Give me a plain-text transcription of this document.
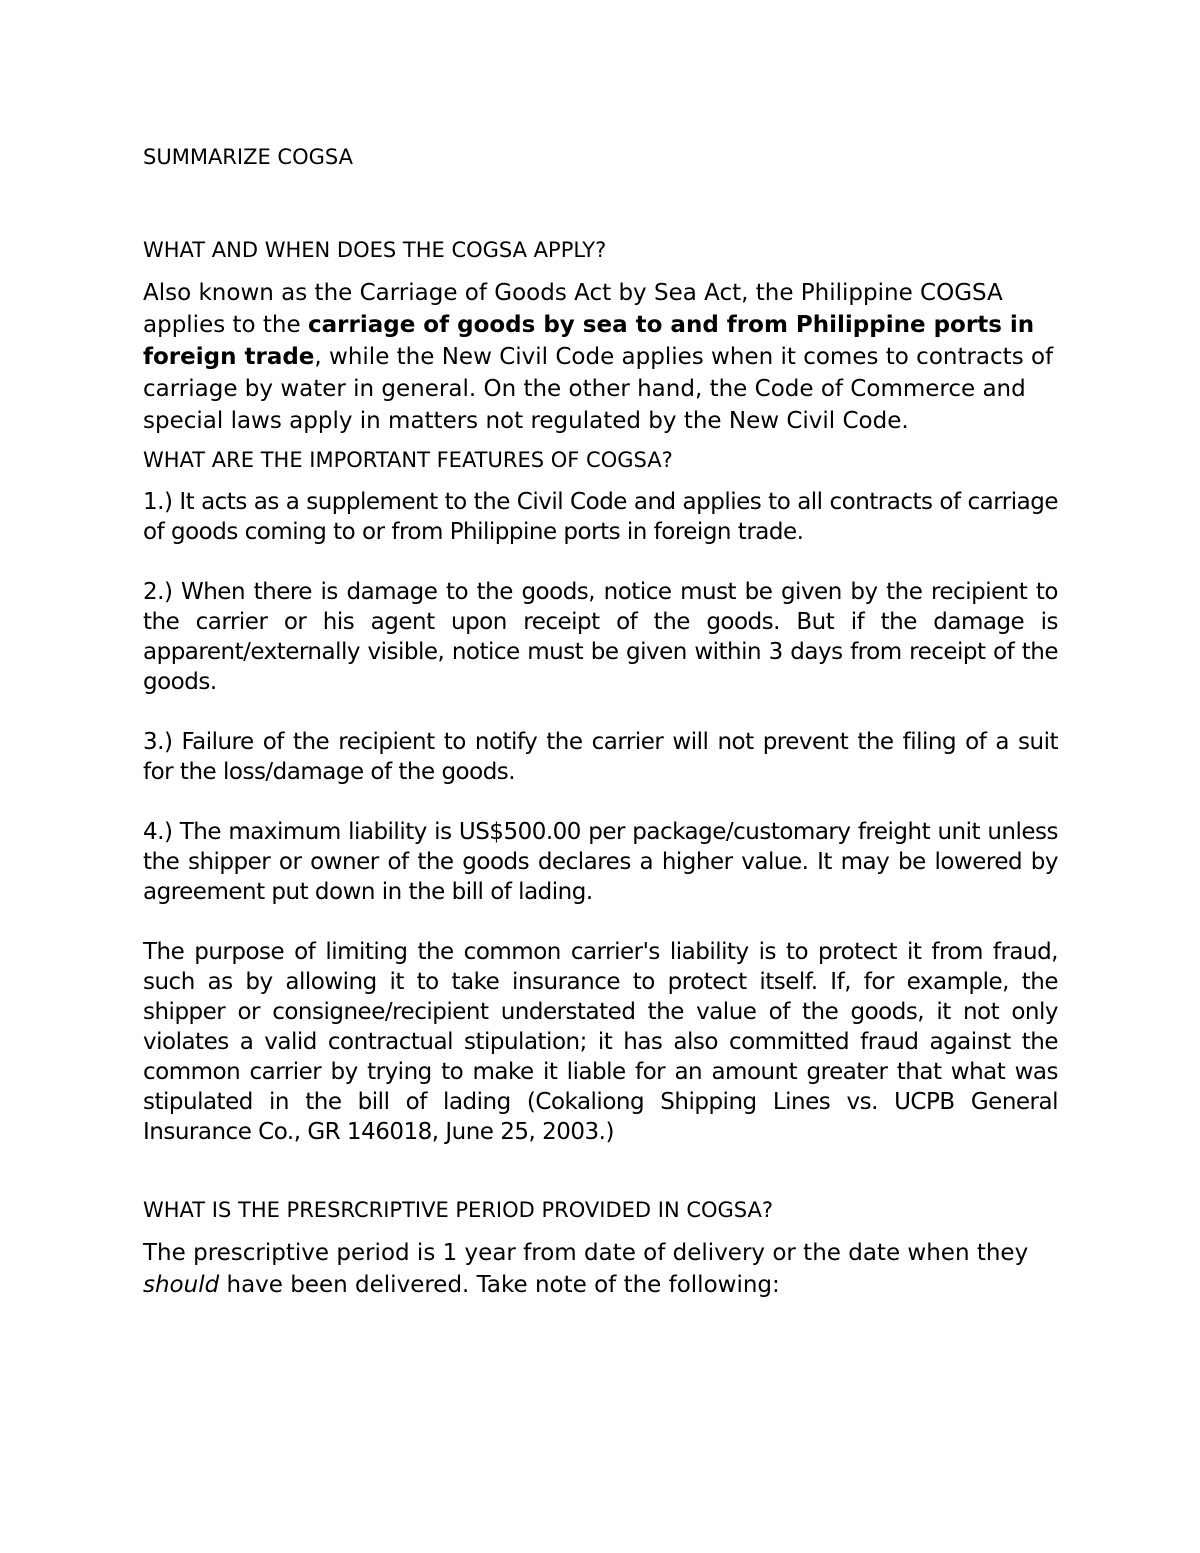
SUMMARIZE COGSA
WHAT AND WHEN DOES THE COGSA APPLY?

Also known as the Carriage of Goods Act by Sea Act, the Philippine COGSA applies to the carriage of goods by sea to and from Philippine ports in foreign trade, while the New Civil Code applies when it comes to contracts of carriage by water in general. On the other hand, the Code of Commerce and special laws apply in matters not regulated by the New Civil Code.

WHAT ARE THE IMPORTANT FEATURES OF COGSA?

1.) It acts as a supplement to the Civil Code and applies to all contracts of carriage of goods coming to or from Philippine ports in foreign trade.

2.) When there is damage to the goods, notice must be given by the recipient to the carrier or his agent upon receipt of the goods. But if the damage is apparent/externally visible, notice must be given within 3 days from receipt of the goods.

3.) Failure of the recipient to notify the carrier will not prevent the filing of a suit for the loss/damage of the goods.

4.) The maximum liability is US$500.00 per package/customary freight unit unless the shipper or owner of the goods declares a higher value. It may be lowered by agreement put down in the bill of lading.

The purpose of limiting the common carrier's liability is to protect it from fraud, such as by allowing it to take insurance to protect itself. If, for example, the shipper or consignee/recipient understated the value of the goods, it not only violates a valid contractual stipulation; it has also committed fraud against the common carrier by trying to make it liable for an amount greater that what was stipulated in the bill of lading (Cokaliong Shipping Lines vs. UCPB General Insurance Co., GR 146018, June 25, 2003.)

WHAT IS THE PRESRCRIPTIVE PERIOD PROVIDED IN COGSA?

The prescriptive period is 1 year from date of delivery or the date when they should have been delivered. Take note of the following:
